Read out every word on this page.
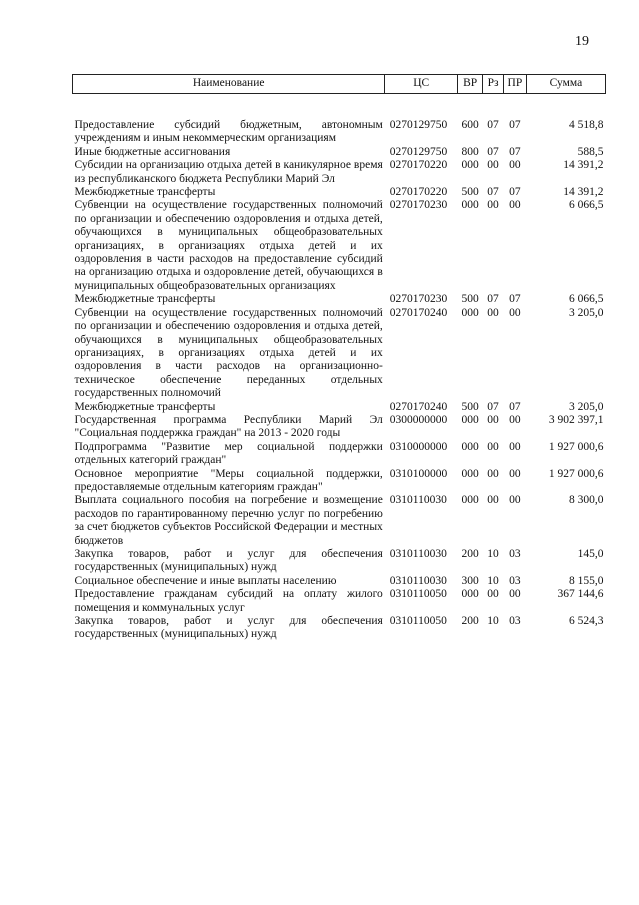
19
Наименование	ЦС	ВР	Рз	ПР	Сумма
Предоставление субсидий бюджетным, автономным учреждениям и иным некоммерческим организациям	0270129750	600	07	07	4 518,8
Иные бюджетные ассигнования	0270129750	800	07	07	588,5
Субсидии на организацию отдыха детей в каникулярное время из республиканского бюджета Республики Марий Эл	0270170220	000	00	00	14 391,2
Межбюджетные трансферты	0270170220	500	07	07	14 391,2
Субвенции на осуществление государственных полномочий по организации и обеспечению оздоровления и отдыха детей, обучающихся в муниципальных общеобразовательных организациях, в организациях отдыха детей и их оздоровления в части расходов на предоставление субсидий на организацию отдыха и оздоровление детей, обучающихся в муниципальных общеобразовательных организациях	0270170230	000	00	00	6 066,5
Межбюджетные трансферты	0270170230	500	07	07	6 066,5
Субвенции на осуществление государственных полномочий по организации и обеспечению оздоровления и отдыха детей, обучающихся в муниципальных общеобразовательных организациях, в организациях отдыха детей и их оздоровления в части расходов на организационно-техническое обеспечение переданных отдельных государственных полномочий	0270170240	000	00	00	3 205,0
Межбюджетные трансферты	0270170240	500	07	07	3 205,0
Государственная программа Республики Марий Эл "Социальная поддержка граждан" на 2013 - 2020 годы	0300000000	000	00	00	3 902 397,1
Подпрограмма "Развитие мер социальной поддержки отдельных категорий граждан"	0310000000	000	00	00	1 927 000,6
Основное мероприятие "Меры социальной поддержки, предоставляемые отдельным категориям граждан"	0310100000	000	00	00	1 927 000,6
Выплата социального пособия на погребение и возмещение расходов по гарантированному перечню услуг по погребению за счет бюджетов субъектов Российской Федерации и местных бюджетов	0310110030	000	00	00	8 300,0
Закупка товаров, работ и услуг для обеспечения государственных (муниципальных) нужд	0310110030	200	10	03	145,0
Социальное обеспечение и иные выплаты населению	0310110030	300	10	03	8 155,0
Предоставление гражданам субсидий на оплату жилого помещения и коммунальных услуг	0310110050	000	00	00	367 144,6
Закупка товаров, работ и услуг для обеспечения государственных (муниципальных) нужд	0310110050	200	10	03	6 524,3
